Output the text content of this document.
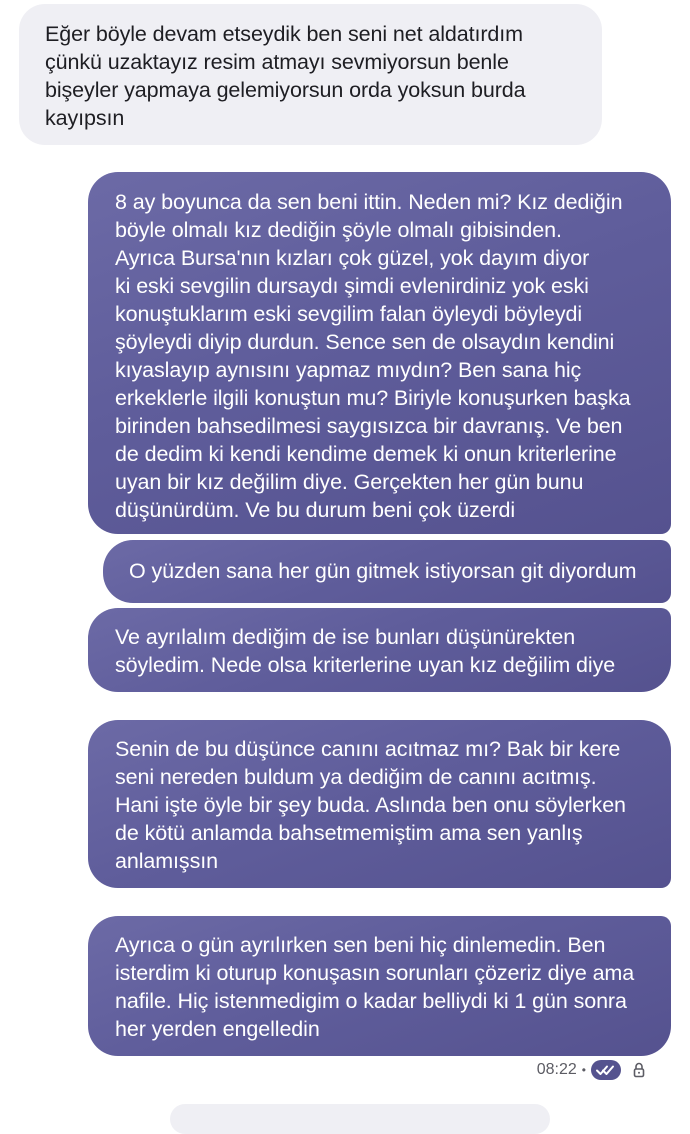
Eğer böyle devam etseydik ben seni net aldatırdım
çünkü uzaktayız resim atmayı sevmiyorsun benle
bişeyler yapmaya gelemiyorsun orda yoksun burda
kayıpsın
8 ay boyunca da sen beni ittin. Neden mi? Kız dediğin
böyle olmalı kız dediğin şöyle olmalı gibisinden.
Ayrıca Bursa'nın kızları çok güzel, yok dayım diyor
ki eski sevgilin dursaydı şimdi evlenirdiniz yok eski
konuştuklarım eski sevgilim falan öyleydi böyleydi
şöyleydi diyip durdun. Sence sen de olsaydın kendini
kıyaslayıp aynısını yapmaz mıydın? Ben sana hiç
erkeklerle ilgili konuştun mu? Biriyle konuşurken başka
birinden bahsedilmesi saygısızca bir davranış. Ve ben
de dedim ki kendi kendime demek ki onun kriterlerine
uyan bir kız değilim diye. Gerçekten her gün bunu
düşünürdüm. Ve bu durum beni çok üzerdi
O yüzden sana her gün gitmek istiyorsan git diyordum
Ve ayrılalım dediğim de ise bunları düşünürekten
söyledim. Nede olsa kriterlerine uyan kız değilim diye
Senin de bu düşünce canını acıtmaz mı? Bak bir kere
seni nereden buldum ya dediğim de canını acıtmış.
Hani işte öyle bir şey buda. Aslında ben onu söylerken
de kötü anlamda bahsetmemiştim ama sen yanlış
anlamışsın
Ayrıca o gün ayrılırken sen beni hiç dinlemedin. Ben
isterdim ki oturup konuşasın sorunları çözeriz diye ama
nafile. Hiç istenmedigim o kadar belliydi ki 1 gün sonra
her yerden engelledin
08:22 •
